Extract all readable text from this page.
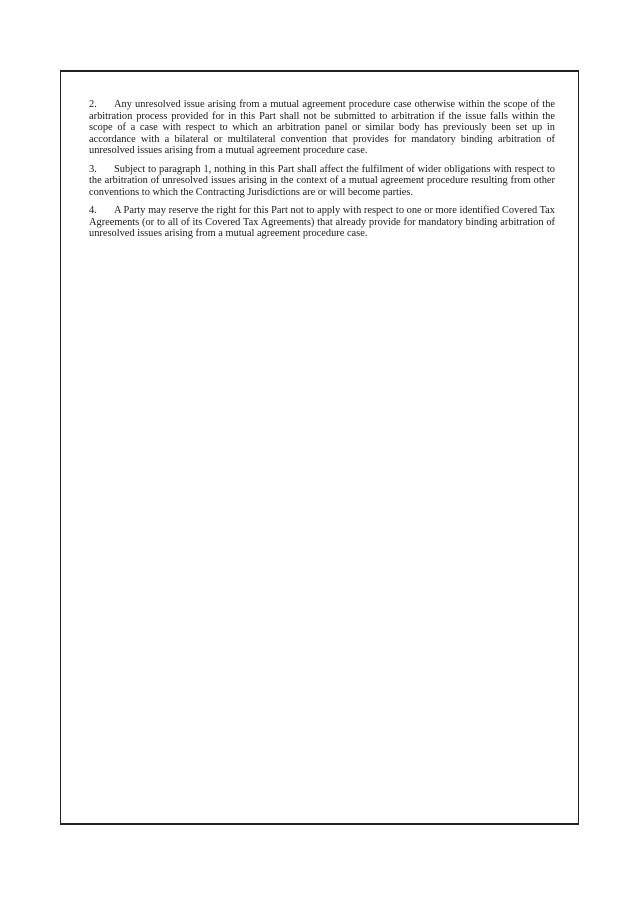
2. Any unresolved issue arising from a mutual agreement procedure case otherwise within the scope of the arbitration process provided for in this Part shall not be submitted to arbitration if the issue falls within the scope of a case with respect to which an arbitration panel or similar body has previously been set up in accordance with a bilateral or multilateral convention that provides for mandatory binding arbitration of unresolved issues arising from a mutual agreement procedure case.

3. Subject to paragraph 1, nothing in this Part shall affect the fulfilment of wider obligations with respect to the arbitration of unresolved issues arising in the context of a mutual agreement procedure resulting from other conventions to which the Contracting Jurisdictions are or will become parties.

4. A Party may reserve the right for this Part not to apply with respect to one or more identified Covered Tax Agreements (or to all of its Covered Tax Agreements) that already provide for mandatory binding arbitration of unresolved issues arising from a mutual agreement procedure case.
